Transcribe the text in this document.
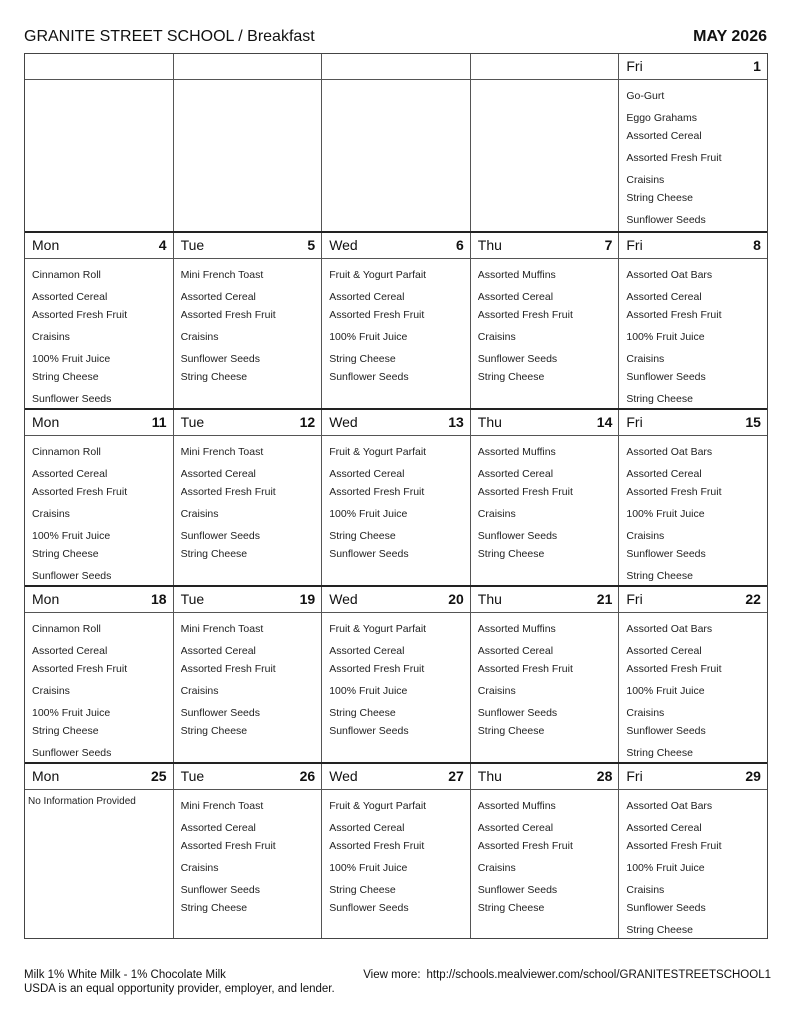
GRANITE STREET SCHOOL / Breakfast	MAY 2026
Fri	1
Go-Gurt
Eggo Grahams
Assorted Cereal
Assorted Fresh Fruit
Craisins
String Cheese
Sunflower Seeds
Mon	4
Cinnamon Roll
Assorted Cereal
Assorted Fresh Fruit
Craisins
100% Fruit Juice
String Cheese
Sunflower Seeds
Tue	5
Mini French Toast
Assorted Cereal
Assorted Fresh Fruit
Craisins
Sunflower Seeds
String Cheese
Wed	6
Fruit & Yogurt Parfait
Assorted Cereal
Assorted Fresh Fruit
100% Fruit Juice
String Cheese
Sunflower Seeds
Thu	7
Assorted Muffins
Assorted Cereal
Assorted Fresh Fruit
Craisins
Sunflower Seeds
String Cheese
Fri	8
Assorted Oat Bars
Assorted Cereal
Assorted Fresh Fruit
100% Fruit Juice
Craisins
Sunflower Seeds
String Cheese
Mon	11
Cinnamon Roll
Assorted Cereal
Assorted Fresh Fruit
Craisins
100% Fruit Juice
String Cheese
Sunflower Seeds
Tue	12
Mini French Toast
Assorted Cereal
Assorted Fresh Fruit
Craisins
Sunflower Seeds
String Cheese
Wed	13
Fruit & Yogurt Parfait
Assorted Cereal
Assorted Fresh Fruit
100% Fruit Juice
String Cheese
Sunflower Seeds
Thu	14
Assorted Muffins
Assorted Cereal
Assorted Fresh Fruit
Craisins
Sunflower Seeds
String Cheese
Fri	15
Assorted Oat Bars
Assorted Cereal
Assorted Fresh Fruit
100% Fruit Juice
Craisins
Sunflower Seeds
String Cheese
Mon	18
Cinnamon Roll
Assorted Cereal
Assorted Fresh Fruit
Craisins
100% Fruit Juice
String Cheese
Sunflower Seeds
Tue	19
Mini French Toast
Assorted Cereal
Assorted Fresh Fruit
Craisins
Sunflower Seeds
String Cheese
Wed	20
Fruit & Yogurt Parfait
Assorted Cereal
Assorted Fresh Fruit
100% Fruit Juice
String Cheese
Sunflower Seeds
Thu	21
Assorted Muffins
Assorted Cereal
Assorted Fresh Fruit
Craisins
Sunflower Seeds
String Cheese
Fri	22
Assorted Oat Bars
Assorted Cereal
Assorted Fresh Fruit
100% Fruit Juice
Craisins
Sunflower Seeds
String Cheese
Mon	25
No Information Provided
Tue	26
Mini French Toast
Assorted Cereal
Assorted Fresh Fruit
Craisins
Sunflower Seeds
String Cheese
Wed	27
Fruit & Yogurt Parfait
Assorted Cereal
Assorted Fresh Fruit
100% Fruit Juice
String Cheese
Sunflower Seeds
Thu	28
Assorted Muffins
Assorted Cereal
Assorted Fresh Fruit
Craisins
Sunflower Seeds
String Cheese
Fri	29
Assorted Oat Bars
Assorted Cereal
Assorted Fresh Fruit
100% Fruit Juice
Craisins
Sunflower Seeds
String Cheese
Milk 1% White Milk - 1% Chocolate Milk	View more: http://schools.mealviewer.com/school/GRANITESTREETSCHOOL1
USDA is an equal opportunity provider, employer, and lender.
